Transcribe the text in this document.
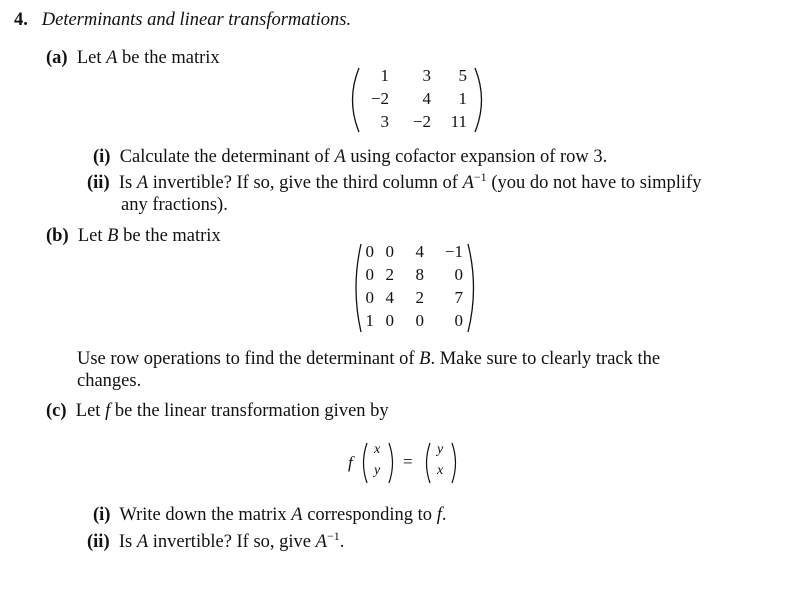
4. Determinants and linear transformations.
(a) Let A be the matrix
1 3 5
−2 4 1
3 −2 11
(i) Calculate the determinant of A using cofactor expansion of row 3.
(ii) Is A invertible? If so, give the third column of $A^{-1}$ (you do not have to simplify
any fractions).
(b) Let B be the matrix
0 0 4 −1
0 2 8 0
0 4 2 7
1 0 0 0
Use row operations to find the determinant of B. Make sure to clearly track the
changes.
(c) Let f be the linear transformation given by
f
x
y =
y
x
(i) Write down the matrix A corresponding to f.
(ii) Is A invertible? If so, give $A^{-1}$.
